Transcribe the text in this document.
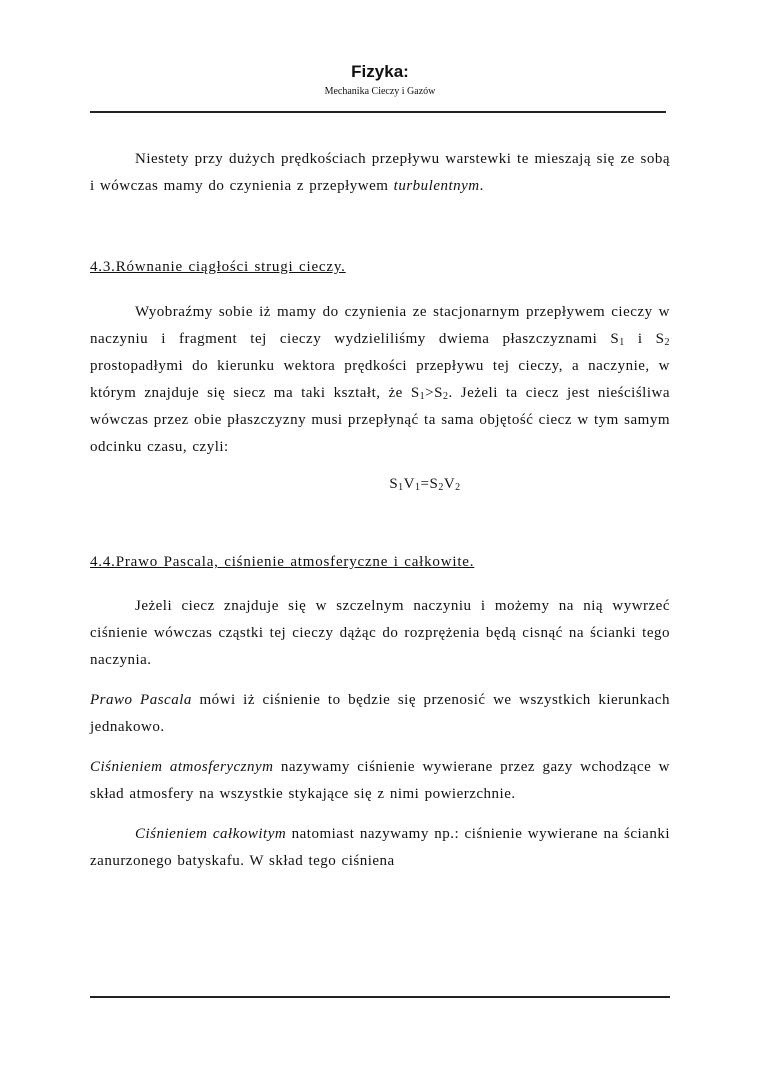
Fizyka:
Mechanika Cieczy i Gazów

Niestety przy dużych prędkościach przepływu warstewki te mieszają się ze sobą i wówczas mamy do czynienia z przepływem turbulentnym.

4.3.Równanie ciągłości strugi cieczy.

Wyobraźmy sobie iż mamy do czynienia ze stacjonarnym przepływem cieczy w naczyniu i fragment tej cieczy wydzieliliśmy dwiema płaszczyznami $S_1$ i $S_2$ prostopadłymi do kierunku wektora prędkości przepływu tej cieczy, a naczynie, w którym znajduje się siecz ma taki kształt, że $S_1>S_2$. Jeżeli ta ciecz jest nieściśliwa wówczas przez obie płaszczyzny musi przepłynąć ta sama objętość ciecz w tym samym odcinku czasu, czyli:

$S_1V_1=S_2V_2$

4.4.Prawo Pascala, ciśnienie atmosferyczne i całkowite.

Jeżeli ciecz znajduje się w szczelnym naczyniu i możemy na nią wywrzeć ciśnienie wówczas cząstki tej cieczy dążąc do rozprężenia będą cisnąć na ścianki tego naczynia.

Prawo Pascala mówi iż ciśnienie to będzie się przenosić we wszystkich kierunkach jednakowo.

Ciśnieniem atmosferycznym nazywamy ciśnienie wywierane przez gazy wchodzące w skład atmosfery na wszystkie stykające się z nimi powierzchnie.

Ciśnieniem całkowitym natomiast nazywamy np.: ciśnienie wywierane na ścianki zanurzonego batyskafu. W skład tego ciśniena
